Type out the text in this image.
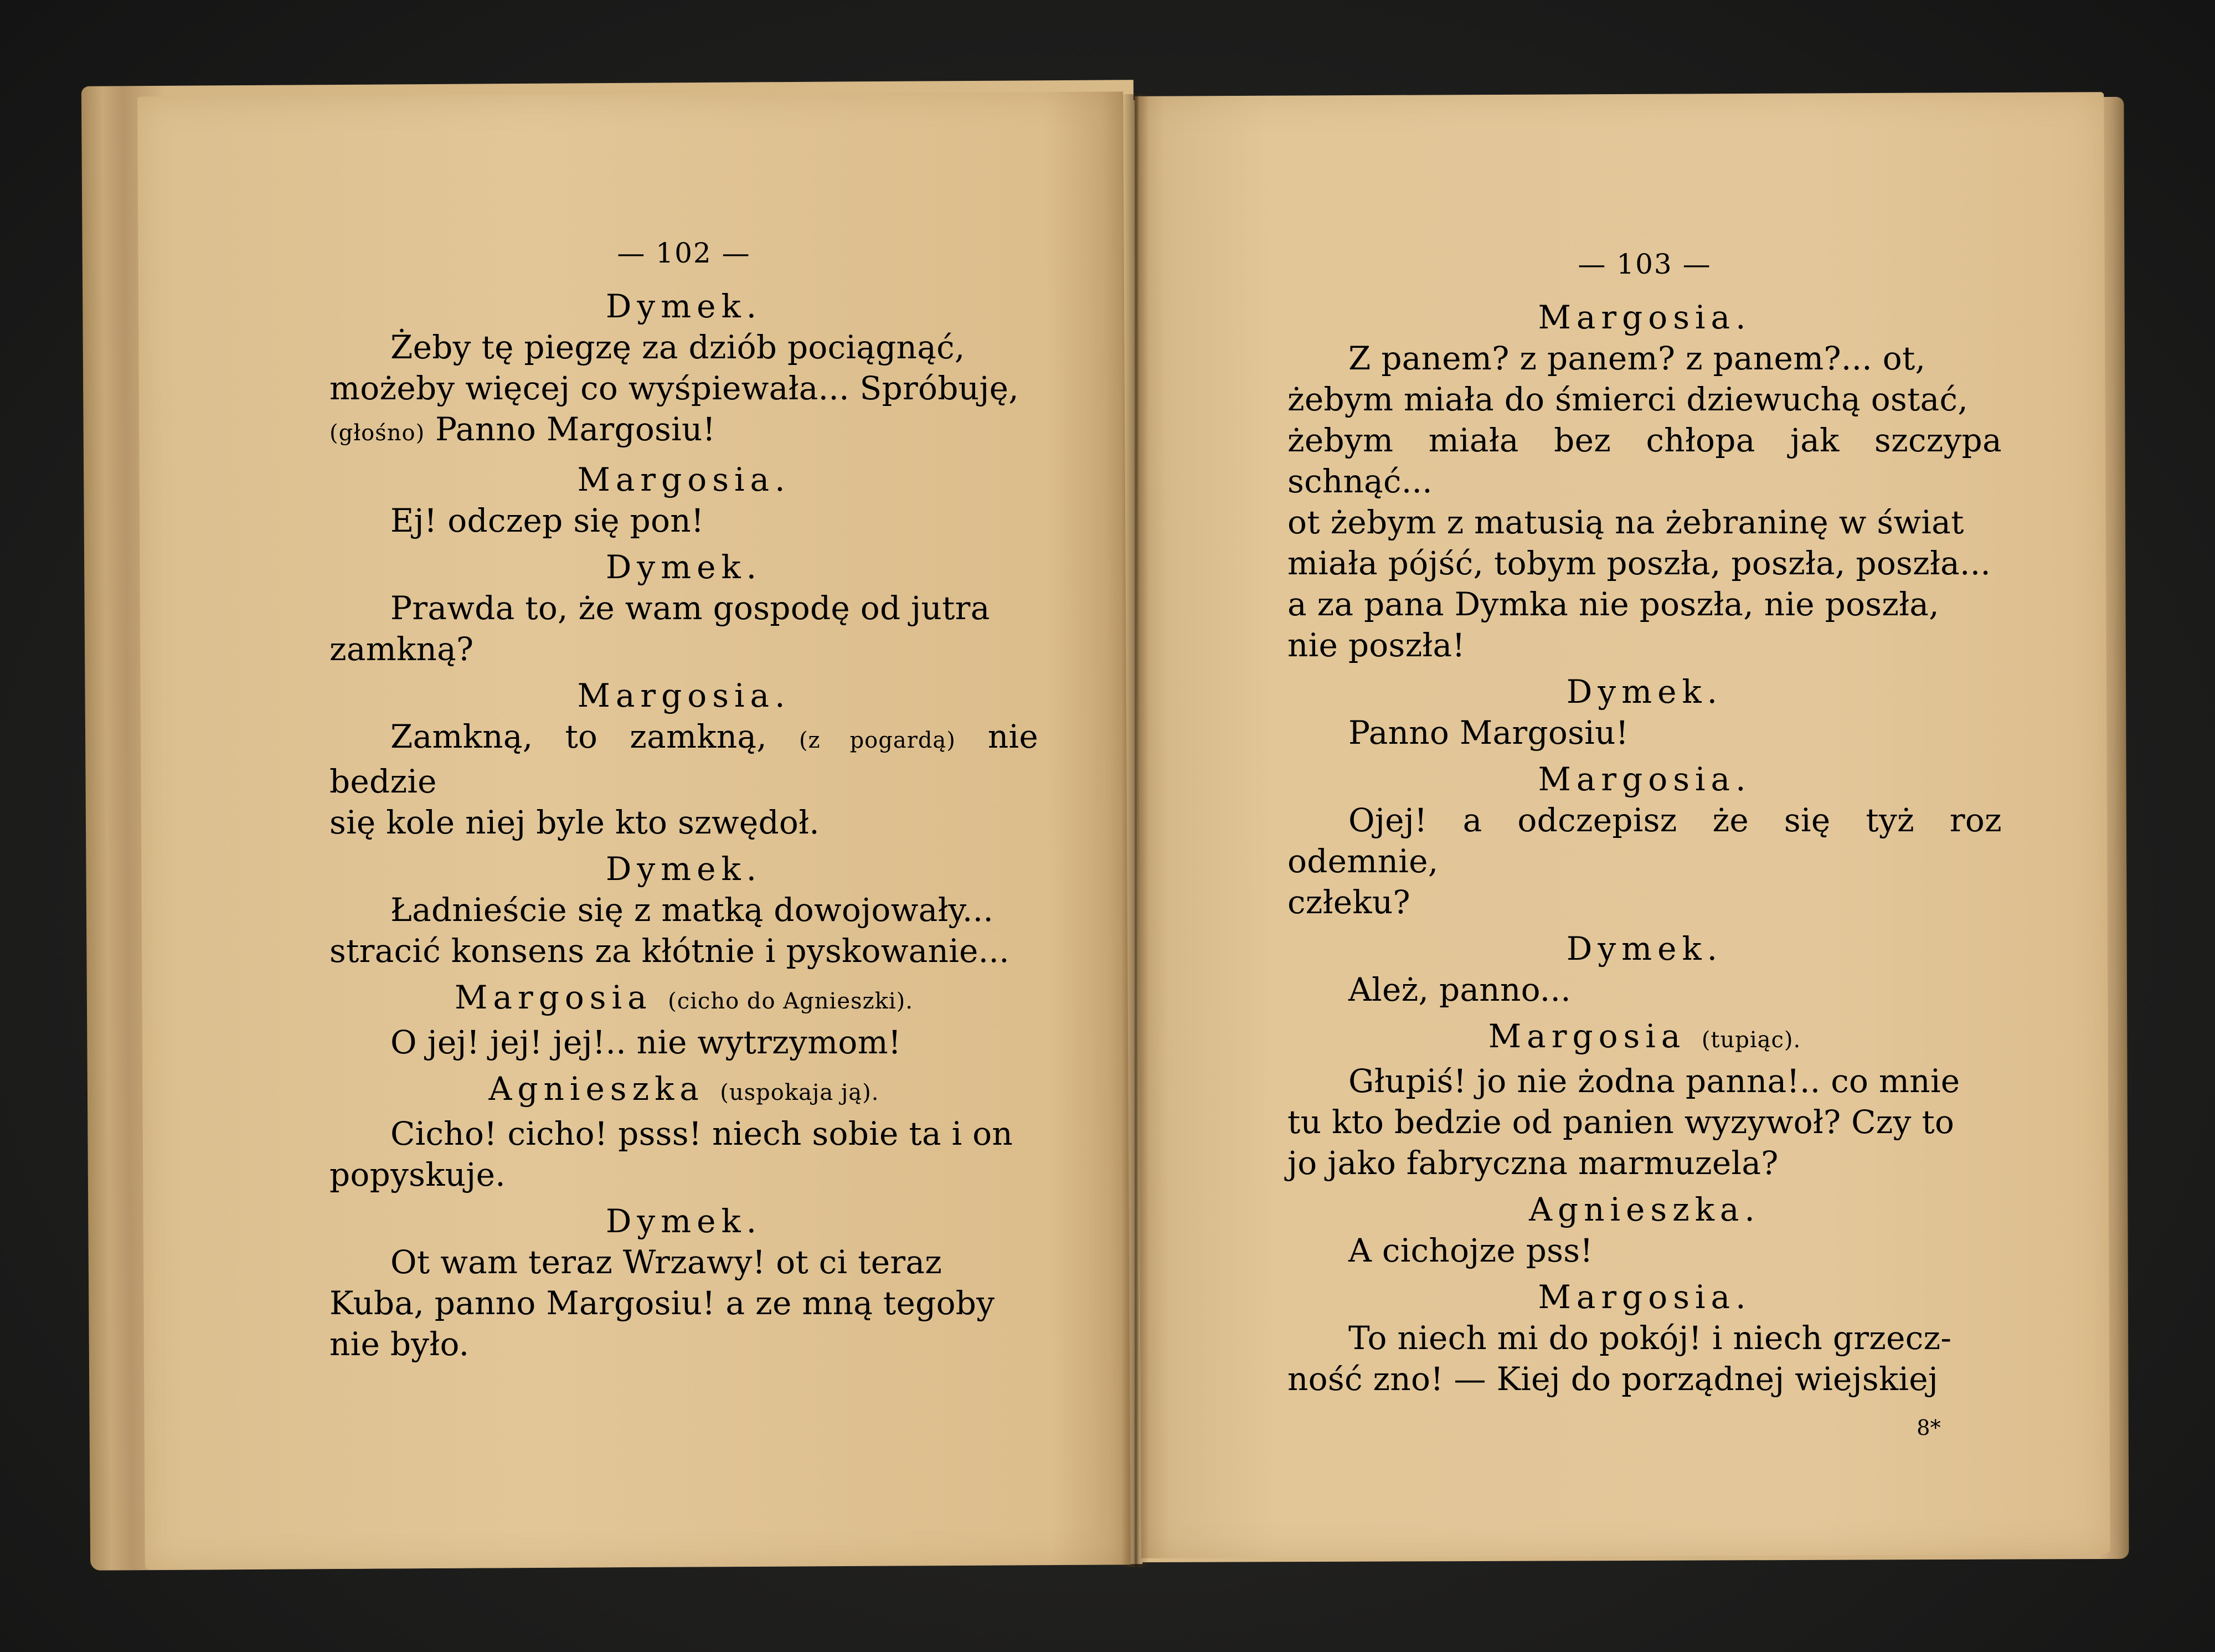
— 102 —
Dymek.
Żeby tę piegzę za dziób pociągnąć,
możeby więcej co wyśpiewała... Spróbuję,
(głośno) Panno Margosiu!
Margosia.
Ej! odczep się pon!
Dymek.
Prawda to, że wam gospodę od jutra
zamkną?
Margosia.
Zamkną, to zamkną, (z pogardą) nie bedzie
się kole niej byle kto szwędoł.
Dymek.
Ładnieście się z matką dowojowały...
stracić konsens za kłótnie i pyskowanie...
Margosia (cicho do Agnieszki).
O jej! jej! jej!.. nie wytrzymom!
Agnieszka (uspokaja ją).
Cicho! cicho! psss! niech sobie ta i on
popyskuje.
Dymek.
Ot wam teraz Wrzawy! ot ci teraz
Kuba, panno Margosiu! a ze mną tegoby
nie było.
— 103 —
Margosia.
Z panem? z panem? z panem?... ot,
żebym miała do śmierci dziewuchą ostać,
żebym miała bez chłopa jak szczypa schnąć...
ot żebym z matusią na żebraninę w świat
miała pójść, tobym poszła, poszła, poszła...
a za pana Dymka nie poszła, nie poszła,
nie poszła!
Dymek.
Panno Margosiu!
Margosia.
Ojej! a odczepisz że się tyż roz odemnie,
człeku?
Dymek.
Ależ, panno...
Margosia (tupiąc).
Głupiś! jo nie żodna panna!.. co mnie
tu kto bedzie od panien wyzywoł? Czy to
jo jako fabryczna marmuzela?
Agnieszka.
A cichojze pss!
Margosia.
To niech mi do pokój! i niech grzecz-
ność zno! — Kiej do porządnej wiejskiej
8*
